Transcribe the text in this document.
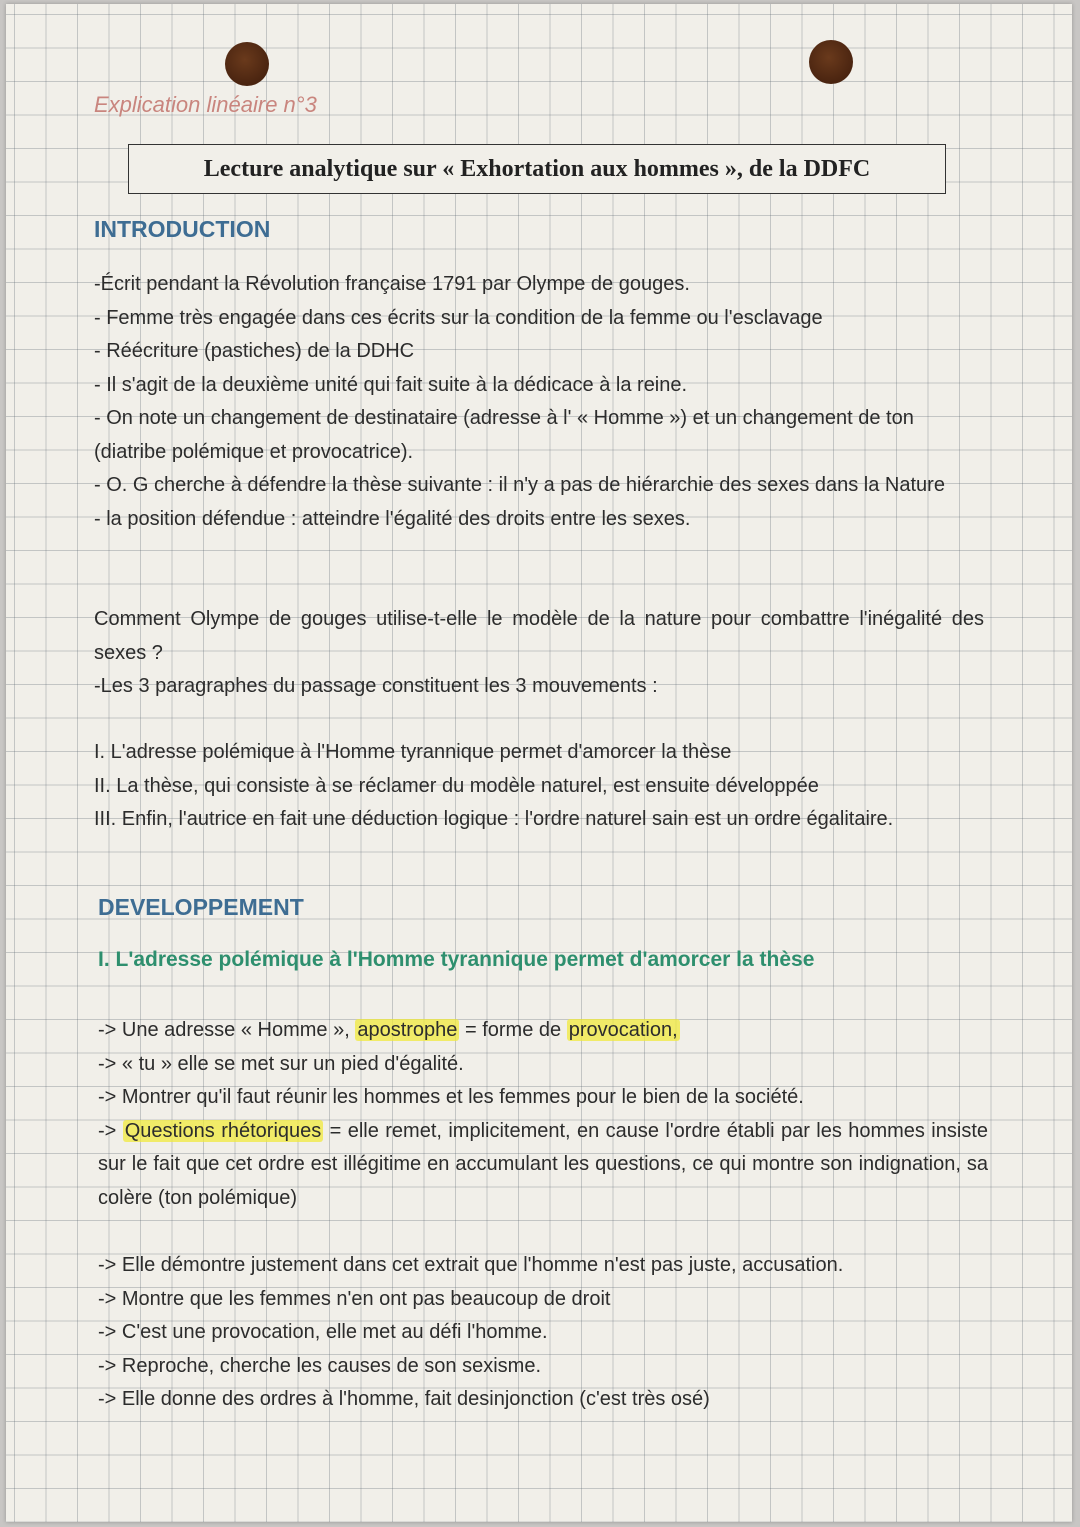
Explication linéaire n°3
Lecture analytique sur « Exhortation aux hommes », de la DDFC
INTRODUCTION

-Écrit pendant la Révolution française 1791 par Olympe de gouges.

- Femme très engagée dans ces écrits sur la condition de la femme ou l'esclavage

- Réécriture (pastiches) de la DDHC

- Il s'agit de la deuxième unité qui fait suite à la dédicace à la reine.

- On note un changement de destinataire (adresse à l' « Homme ») et un changement de ton (diatribe polémique et provocatrice).

- O. G cherche à défendre la thèse suivante : il n'y a pas de hiérarchie des sexes dans la Nature

- la position défendue : atteindre l'égalité des droits entre les sexes.

Comment Olympe de gouges utilise-t-elle le modèle de la nature pour combattre l'inégalité des sexes ?

-Les 3 paragraphes du passage constituent les 3 mouvements :

I. L'adresse polémique à l'Homme tyrannique permet d'amorcer la thèse

II. La thèse, qui consiste à se réclamer du modèle naturel, est ensuite développée

III. Enfin, l'autrice en fait une déduction logique : l'ordre naturel sain est un ordre égalitaire.

DEVELOPPEMENT
I. L'adresse polémique à l'Homme tyrannique permet d'amorcer la thèse

-> Une adresse « Homme », apostrophe = forme de provocation,

-> « tu » elle se met sur un pied d'égalité.

-> Montrer qu'il faut réunir les hommes et les femmes pour le bien de la société.

-> Questions rhétoriques = elle remet, implicitement, en cause l'ordre établi par les hommes insiste sur le fait que cet ordre est illégitime en accumulant les questions, ce qui montre son indignation, sa colère (ton polémique)

-> Elle démontre justement dans cet extrait que l'homme n'est pas juste, accusation.

-> Montre que les femmes n'en ont pas beaucoup de droit

-> C'est une provocation, elle met au défi l'homme.

-> Reproche, cherche les causes de son sexisme.

-> Elle donne des ordres à l'homme, fait desinjonction (c'est très osé)
